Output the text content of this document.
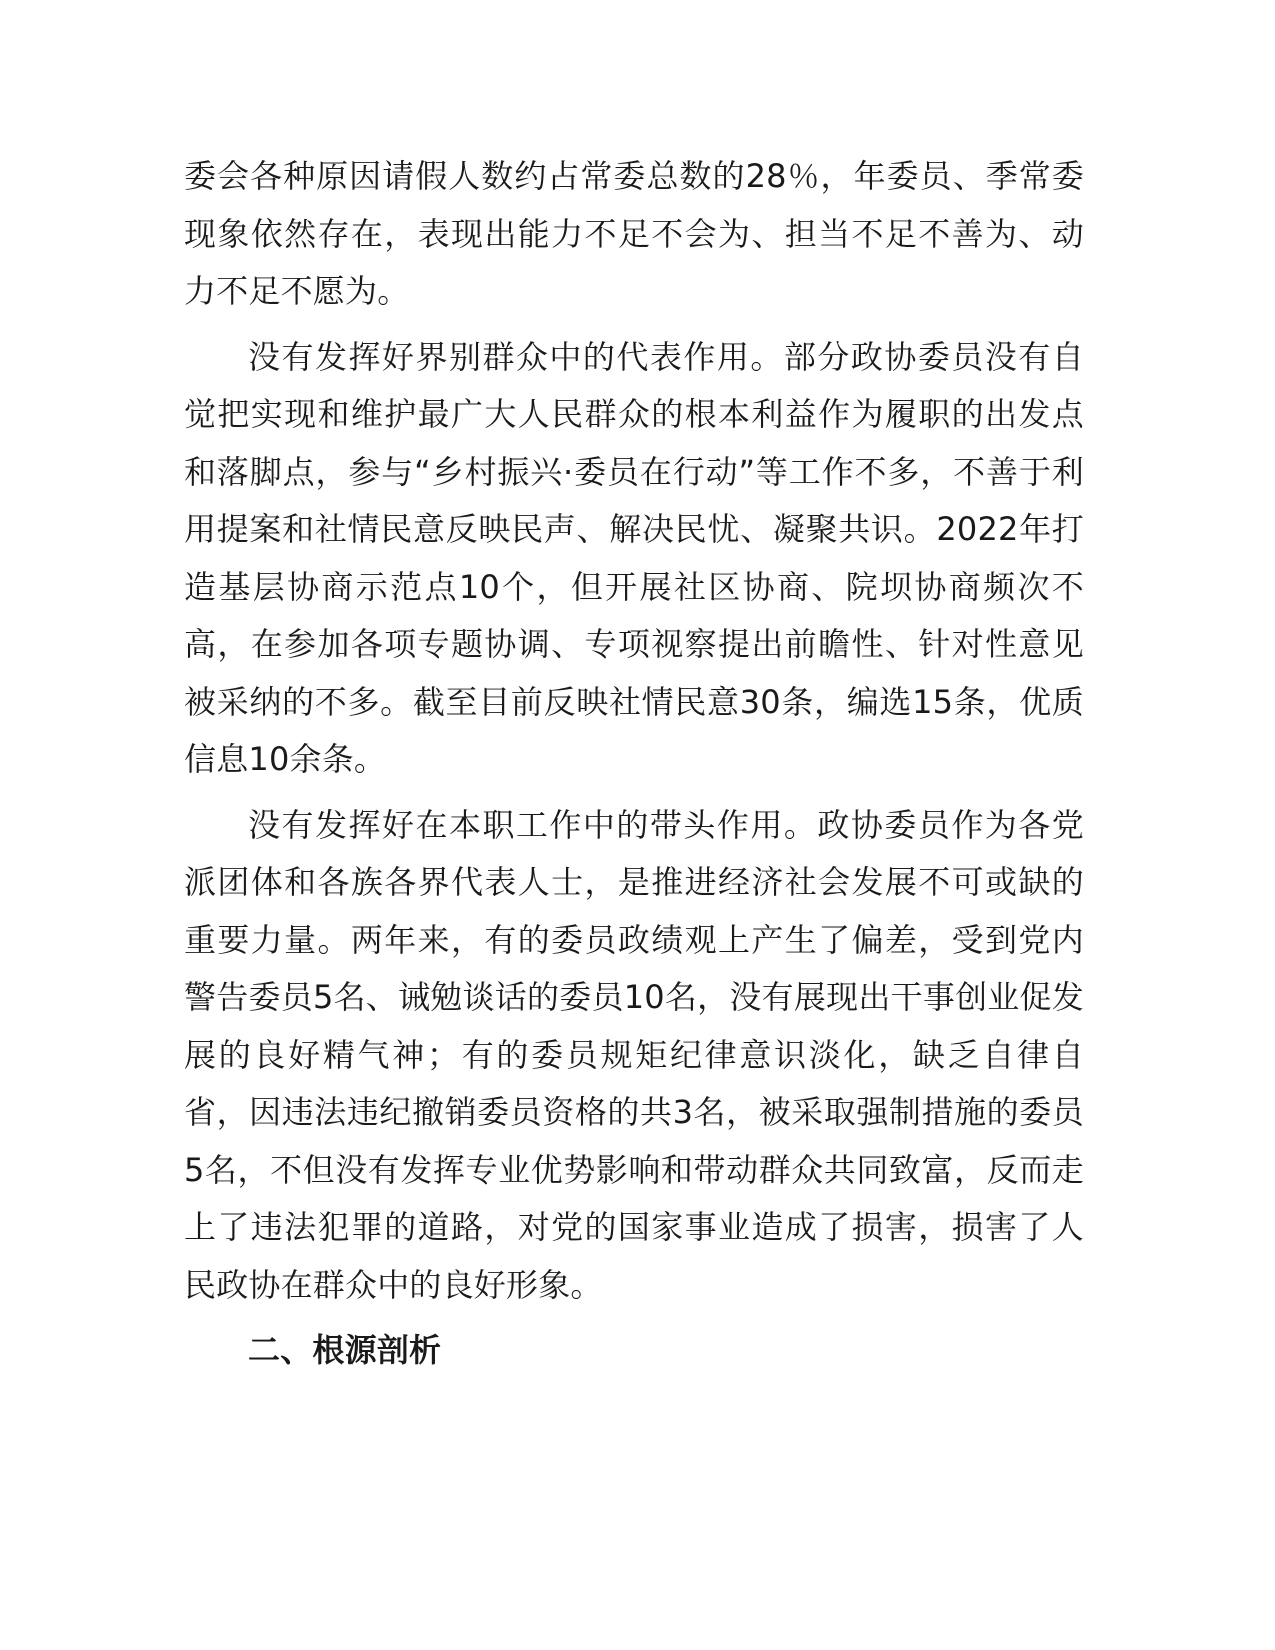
委会各种原因请假人数约占常委总数的28％，年委员、季常委现象依然存在，表现出能力不足不会为、担当不足不善为、动力不足不愿为。

没有发挥好界别群众中的代表作用。部分政协委员没有自觉把实现和维护最广大人民群众的根本利益作为履职的出发点和落脚点，参与“乡村振兴·委员在行动”等工作不多，不善于利用提案和社情民意反映民声、解决民忧、凝聚共识。2022年打造基层协商示范点10个，但开展社区协商、院坝协商频次不高，在参加各项专题协调、专项视察提出前瞻性、针对性意见被采纳的不多。截至目前反映社情民意30条，编选15条，优质信息10余条。

没有发挥好在本职工作中的带头作用。政协委员作为各党派团体和各族各界代表人士，是推进经济社会发展不可或缺的重要力量。两年来，有的委员政绩观上产生了偏差，受到党内警告委员5名、诫勉谈话的委员10名，没有展现出干事创业促发展的良好精气神；有的委员规矩纪律意识淡化，缺乏自律自省，因违法违纪撤销委员资格的共3名，被采取强制措施的委员5名，不但没有发挥专业优势影响和带动群众共同致富，反而走上了违法犯罪的道路，对党的国家事业造成了损害，损害了人民政协在群众中的良好形象。

二、根源剖析
